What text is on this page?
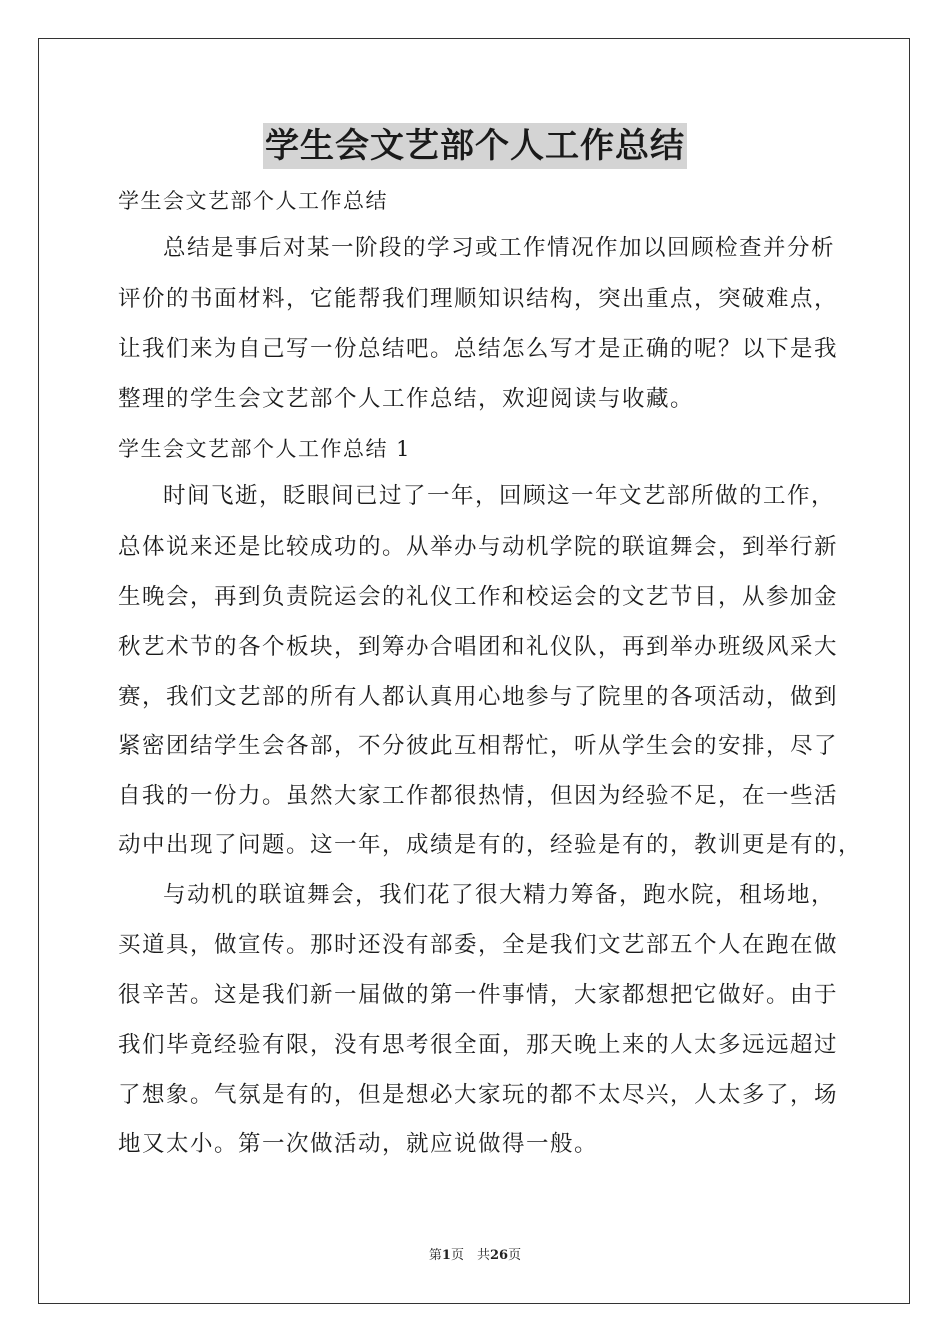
学生会文艺部个人工作总结
学生会文艺部个人工作总结
总结是事后对某一阶段的学习或工作情况作加以回顾检查并分析
评价的书面材料，它能帮我们理顺知识结构，突出重点，突破难点，
让我们来为自己写一份总结吧。总结怎么写才是正确的呢？以下是我
整理的学生会文艺部个人工作总结，欢迎阅读与收藏。
学生会文艺部个人工作总结 1
时间飞逝，眨眼间已过了一年，回顾这一年文艺部所做的工作，
总体说来还是比较成功的。从举办与动机学院的联谊舞会，到举行新
生晚会，再到负责院运会的礼仪工作和校运会的文艺节目，从参加金
秋艺术节的各个板块，到筹办合唱团和礼仪队，再到举办班级风采大
赛，我们文艺部的所有人都认真用心地参与了院里的各项活动，做到
紧密团结学生会各部，不分彼此互相帮忙，听从学生会的安排，尽了
自我的一份力。虽然大家工作都很热情，但因为经验不足，在一些活
动中出现了问题。这一年，成绩是有的，经验是有的，教训更是有的，
与动机的联谊舞会，我们花了很大精力筹备，跑水院，租场地，
买道具，做宣传。那时还没有部委，全是我们文艺部五个人在跑在做
很辛苦。这是我们新一届做的第一件事情，大家都想把它做好。由于
我们毕竟经验有限，没有思考很全面，那天晚上来的人太多远远超过
了想象。气氛是有的，但是想必大家玩的都不太尽兴，人太多了，场
地又太小。第一次做活动，就应说做得一般。
第1页　共26页
